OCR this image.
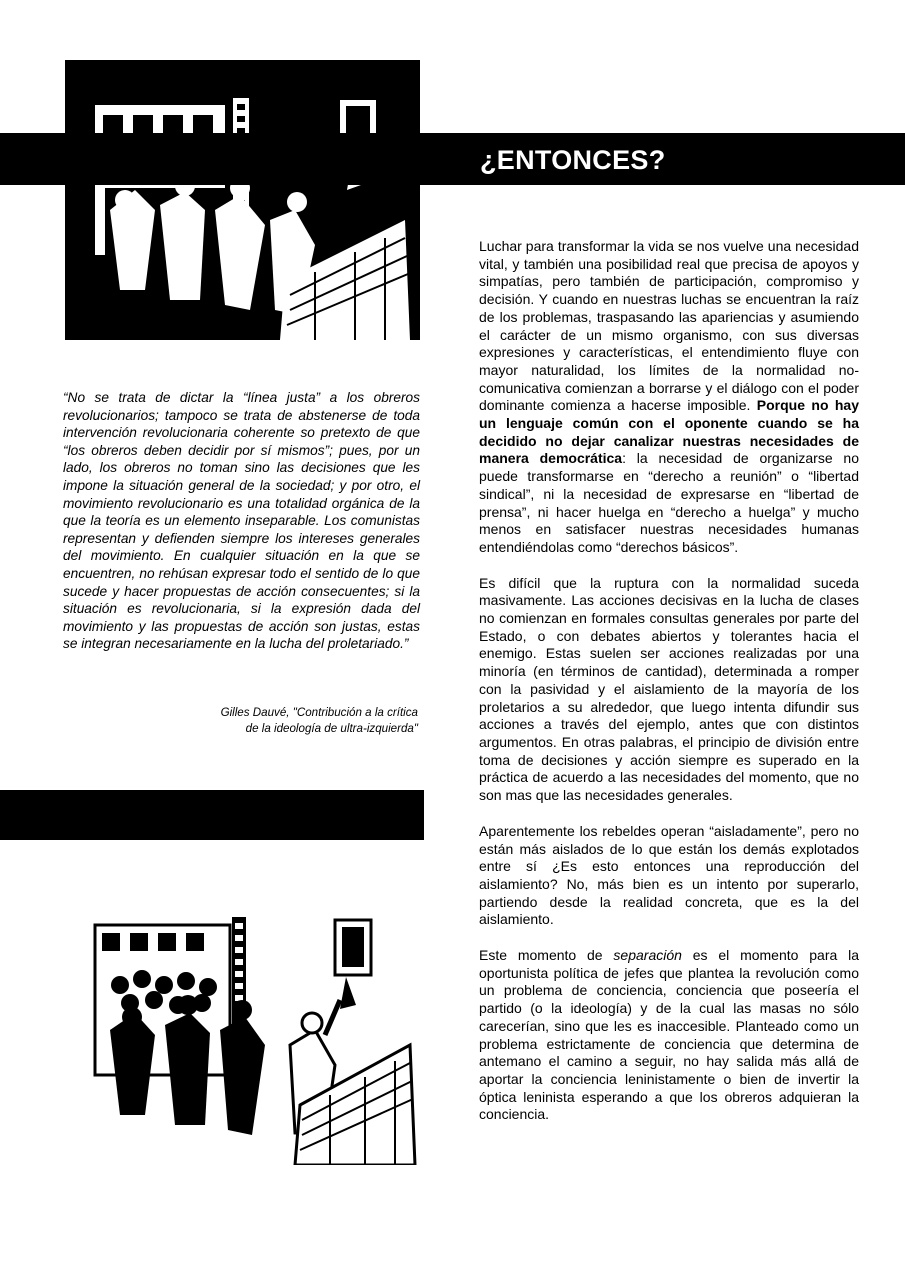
¿ENTONCES?

“No se trata de dictar la “línea justa” a los obreros revolucionarios; tampoco se trata de abstenerse de toda intervención revolucionaria coherente so pretexto de que “los obreros deben decidir por sí mismos”; pues, por un lado, los obreros no toman sino las decisiones que les impone la situación general de la sociedad; y por otro, el movimiento revolucionario es una totalidad orgánica de la que la teoría es un elemento inseparable. Los comunistas representan y defienden siempre los intereses generales del movimiento. En cualquier situación en la que se encuentren, no rehúsan expresar todo el sentido de lo que sucede y hacer propuestas de acción consecuentes; si la situación es revolucionaria, si la expresión dada del movimiento y las propuestas de acción son justas, estas se integran necesariamente en la lucha del proletariado.”

Gilles Dauvé, "Contribución a la crítica
de la ideología de ultra-izquierda"

Luchar para transformar la vida se nos vuelve una necesidad vital, y también una posibilidad real que precisa de apoyos y simpatías, pero también de participación, compromiso y decisión. Y cuando en nuestras luchas se encuentran la raíz de los problemas, traspasando las apariencias y asumiendo el carácter de un mismo organismo, con sus diversas expresiones y características, el entendimiento fluye con mayor naturalidad, los límites de la normalidad no-comunicativa comienzan a borrarse y el diálogo con el poder dominante comienza a hacerse imposible. Porque no hay un lenguaje común con el oponente cuando se ha decidido no dejar canalizar nuestras necesidades de manera democrática: la necesidad de organizarse no puede transformarse en “derecho a reunión” o “libertad sindical”, ni la necesidad de expresarse en “libertad de prensa”, ni hacer huelga en “derecho a huelga” y mucho menos en satisfacer nuestras necesidades humanas entendiéndolas como “derechos básicos”.

Es difícil que la ruptura con la normalidad suceda masivamente. Las acciones decisivas en la lucha de clases no comienzan en formales consultas generales por parte del Estado, o con debates abiertos y tolerantes hacia el enemigo. Estas suelen ser acciones realizadas por una minoría (en términos de cantidad), determinada a romper con la pasividad y el aislamiento de la mayoría de los proletarios a su alrededor, que luego intenta difundir sus acciones a través del ejemplo, antes que con distintos argumentos. En otras palabras, el principio de división entre toma de decisiones y acción siempre es superado en la práctica de acuerdo a las necesidades del momento, que no son mas que las necesidades generales.

Aparentemente los rebeldes operan “aisladamente”, pero no están más aislados de lo que están los demás explotados entre sí ¿Es esto entonces una reproducción del aislamiento? No, más bien es un intento por superarlo, partiendo desde la realidad concreta, que es la del aislamiento.

Este momento de separación es el momento para la oportunista política de jefes que plantea la revolución como un problema de conciencia, conciencia que poseería el partido (o la ideología) y de la cual las masas no sólo carecerían, sino que les es inaccesible. Planteado como un problema estrictamente de conciencia que determina de antemano el camino a seguir, no hay salida más allá de aportar la conciencia leninistamente o bien de invertir la óptica leninista esperando a que los obreros adquieran la conciencia.
